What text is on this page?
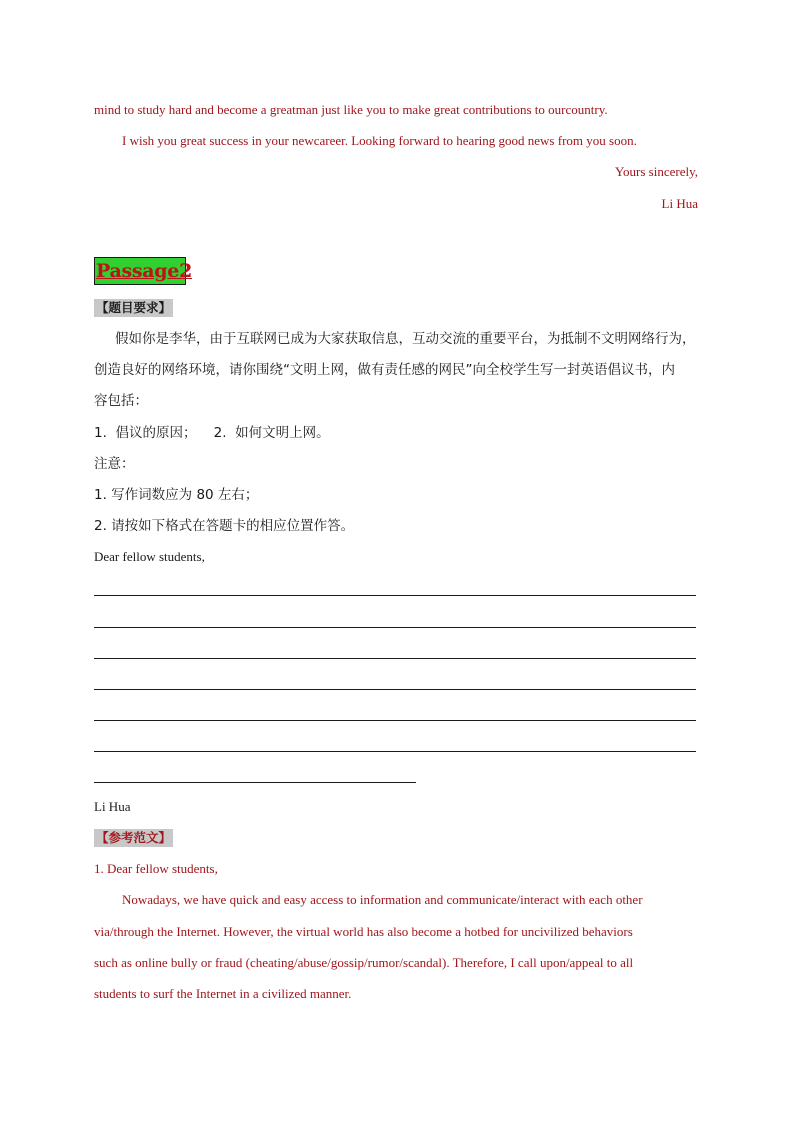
mind to study hard and become a greatman just like you to make great contributions to ourcountry.
I wish you great success in your newcareer. Looking forward to hearing good news from you soon.
Yours sincerely,
Li Hua
Passage2
【题目要求】
假如你是李华，由于互联网已成为大家获取信息，互动交流的重要平台，为抵制不文明网络行为，
创造良好的网络环境，请你围绕“文明上网，做有责任感的网民”向全校学生写一封英语倡议书，内
容包括：
1.  倡议的原因；    2.  如何文明上网。
注意：
1. 写作词数应为 80 左右；
2. 请按如下格式在答题卡的相应位置作答。
Dear fellow students,
Li Hua
【参考范文】
1. Dear fellow students,
Nowadays, we have quick and easy access to information and communicate/interact with each other
via/through the Internet. However, the virtual world has also become a hotbed for uncivilized behaviors
such as online bully or fraud (cheating/abuse/gossip/rumor/scandal). Therefore, I call upon/appeal to all
students to surf the Internet in a civilized manner.
